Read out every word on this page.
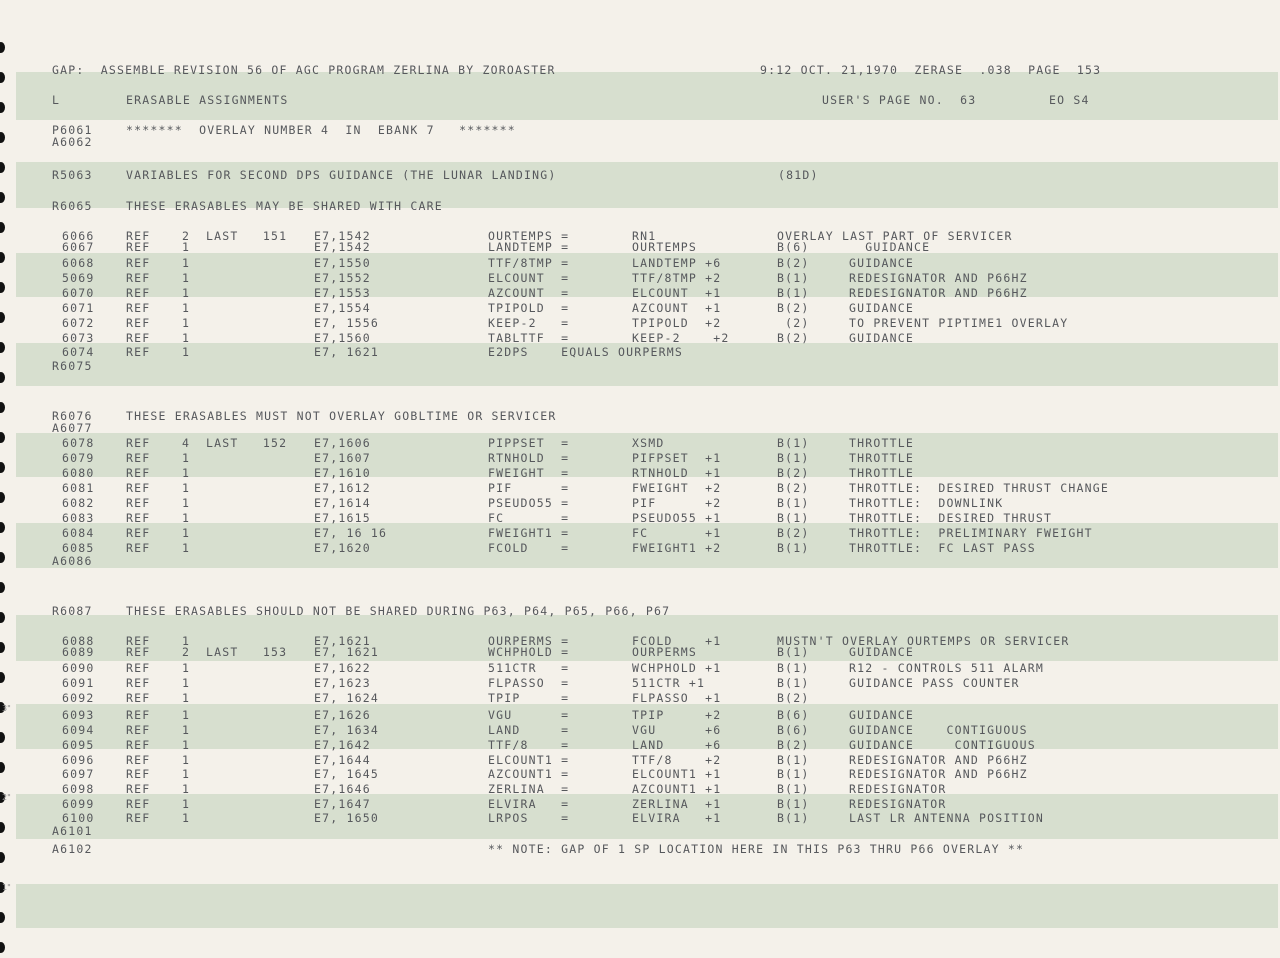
3"
2"
1"
GAP:  ASSEMBLE REVISION 56 OF AGC PROGRAM ZERLINA BY ZOROASTER	9:12 OCT. 21,1970  ZERASE  .038  PAGE  153
L	ERASABLE ASSIGNMENTS	USER'S PAGE NO.  63	EO S4
P6061	*******  OVERLAY NUMBER 4  IN  EBANK 7   *******
A6062
R5063	VARIABLES FOR SECOND DPS GUIDANCE (THE LUNAR LANDING)	(81D)
R6065	THESE ERASABLES MAY BE SHARED WITH CARE
6066	REF	2 LAST   151 E7,1542	OURTEMPS =	RN1	OVERLAY LAST PART OF SERVICER
6067	REF	1	E7,1542	LANDTEMP =	OURTEMPS	B(6)	GUIDANCE
6068	REF	1	E7,1550	TTF/8TMP =	LANDTEMP +6	B(2)	GUIDANCE
5069	REF	1	E7,1552	ELCOUNT  =	TTF/8TMP +2	B(1)	REDESIGNATOR AND P66HZ
6070	REF	1	E7,1553	AZCOUNT  =	ELCOUNT  +1	B(1)	REDESIGNATOR AND P66HZ
6071	REF	1	E7,1554	TPIPOLD  =	AZCOUNT  +1	B(2)	GUIDANCE
6072	REF	1	E7, 1556	KEEP-2   =	TPIPOLD  +2	(2)	TO PREVENT PIPTIME1 OVERLAY
6073	REF	1	E7,1560	TABLTTF  =	KEEP-2    +2	B(2)	GUIDANCE
6074	REF	1	E7, 1621	E2DPS    EQUALS OURPERMS
R6075
R6076	THESE ERASABLES MUST NOT OVERLAY GOBLTIME OR SERVICER
A6077
6078	REF	4 LAST   152 E7,1606	PIPPSET  =	XSMD	B(1)	THROTTLE
6079	REF	1	E7,1607	RTNHOLD  =	PIFPSET  +1	B(1)	THROTTLE
6080	REF	1	E7,1610	FWEIGHT  =	RTNHOLD  +1	B(2)	THROTTLE
6081	REF	1	E7,1612	PIF      =	FWEIGHT  +2	B(2)	THROTTLE:  DESIRED THRUST CHANGE
6082	REF	1	E7,1614	PSEUDO55 =	PIF      +2	B(1)	THROTTLE:  DOWNLINK
6083	REF	1	E7,1615	FC       =	PSEUDO55 +1	B(1)	THROTTLE:  DESIRED THRUST
6084	REF	1	E7, 16 16	FWEIGHT1 =	FC       +1	B(2)	THROTTLE:  PRELIMINARY FWEIGHT
6085	REF	1	E7,1620	FCOLD    =	FWEIGHT1 +2	B(1)	THROTTLE:  FC LAST PASS
A6086
R6087	THESE ERASABLES SHOULD NOT BE SHARED DURING P63, P64, P65, P66, P67
6088	REF	1	E7,1621	OURPERMS =	FCOLD    +1	MUSTN'T OVERLAY OURTEMPS OR SERVICER
6089	REF	2 LAST   153 E7, 1621	WCHPHOLD =	OURPERMS	B(1)	GUIDANCE
6090	REF	1	E7,1622	511CTR   =	WCHPHOLD +1	B(1)	R12 - CONTROLS 511 ALARM
6091	REF	1	E7,1623	FLPASSO  =	511CTR +1	B(1)	GUIDANCE PASS COUNTER
6092	REF	1	E7, 1624	TPIP     =	FLPASSO  +1	B(2)
6093	REF	1	E7,1626	VGU      =	TPIP     +2	B(6)	GUIDANCE
6094	REF	1	E7, 1634	LAND     =	VGU      +6	B(6)	GUIDANCE    CONTIGUOUS
6095	REF	1	E7,1642	TTF/8    =	LAND     +6	B(2)	GUIDANCE     CONTIGUOUS
6096	REF	1	E7,1644	ELCOUNT1 =	TTF/8    +2	B(1)	REDESIGNATOR AND P66HZ
6097	REF	1	E7, 1645	AZCOUNT1 =	ELCOUNT1 +1	B(1)	REDESIGNATOR AND P66HZ
6098	REF	1	E7,1646	ZERLINA  =	AZCOUNT1 +1	B(1)	REDESIGNATOR
6099	REF	1	E7,1647	ELVIRA   =	ZERLINA  +1	B(1)	REDESIGNATOR
6100	REF	1	E7, 1650	LRPOS    =	ELVIRA   +1	B(1)	LAST LR ANTENNA POSITION
A6101
A6102	** NOTE: GAP OF 1 SP LOCATION HERE IN THIS P63 THRU P66 OVERLAY **
